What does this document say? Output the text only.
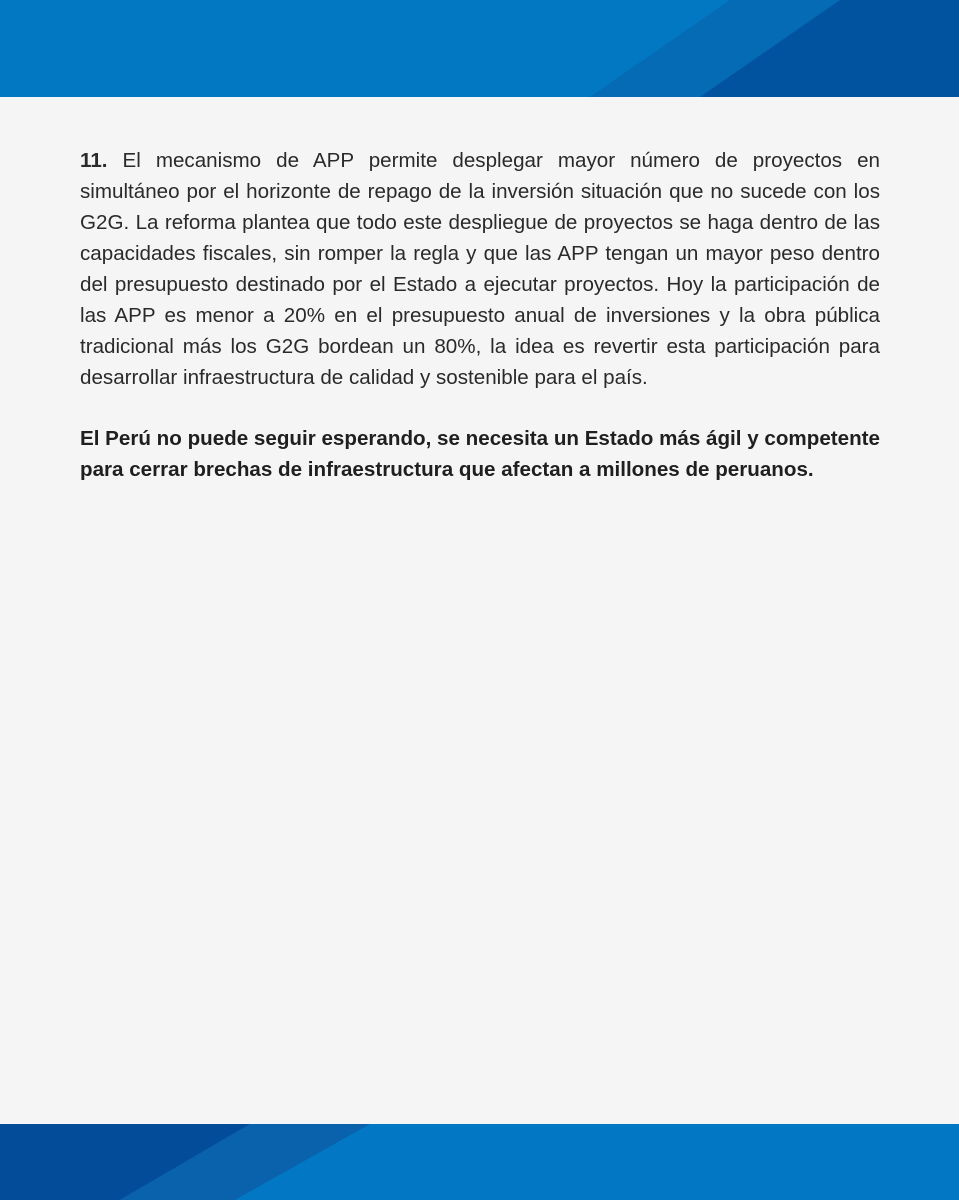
11. El mecanismo de APP permite desplegar mayor número de proyectos en simultáneo por el horizonte de repago de la inversión situación que no sucede con los G2G. La reforma plantea que todo este despliegue de proyectos se haga dentro de las capacidades fiscales, sin romper la regla y que las APP tengan un mayor peso dentro del presupuesto destinado por el Estado a ejecutar proyectos. Hoy la participación de las APP es menor a 20% en el presupuesto anual de inversiones y la obra pública tradicional más los G2G bordean un 80%, la idea es revertir esta participación para desarrollar infraestructura de calidad y sostenible para el país.

El Perú no puede seguir esperando, se necesita un Estado más ágil y competente para cerrar brechas de infraestructura que afectan a millones de peruanos.
